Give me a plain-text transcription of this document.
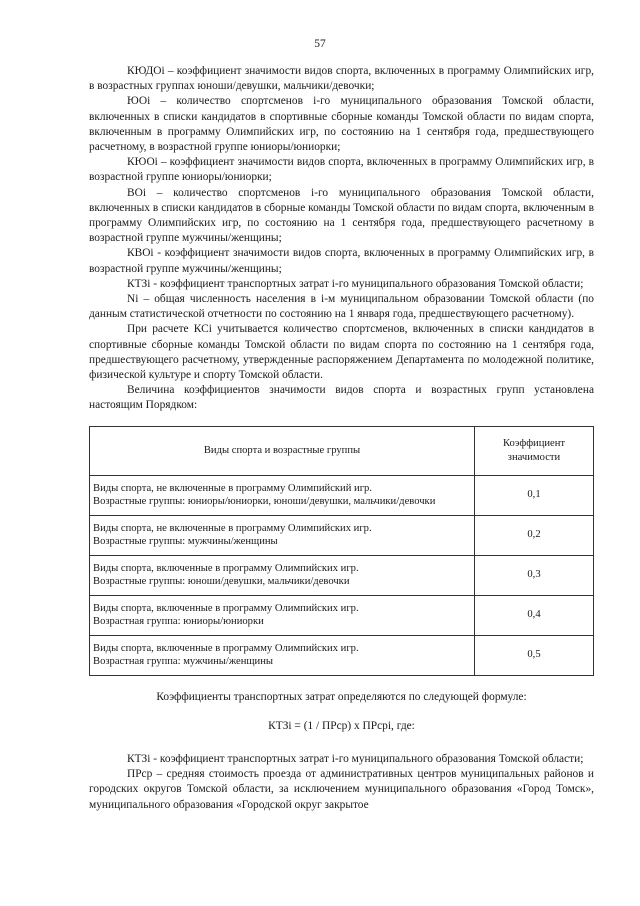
57

КЮДОi – коэффициент значимости видов спорта, включенных в программу Олимпийских игр, в возрастных группах юноши/девушки, мальчики/девочки;

ЮОi – количество спортсменов i-го муниципального образования Томской области, включенных в списки кандидатов в спортивные сборные команды Томской области по видам спорта, включенным в программу Олимпийских игр, по состоянию на 1 сентября года, предшествующего расчетному, в возрастной группе юниоры/юниорки;

КЮОi – коэффициент значимости видов спорта, включенных в программу Олимпийских игр, в возрастной группе юниоры/юниорки;

ВОi – количество спортсменов i-го муниципального образования Томской области, включенных в списки кандидатов в сборные команды Томской области по видам спорта, включенным в программу Олимпийских игр, по состоянию на 1 сентября года, предшествующего расчетному в возрастной группе мужчины/женщины;

КВОi - коэффициент значимости видов спорта, включенных в программу Олимпийских игр, в возрастной группе мужчины/женщины;

КТЗi - коэффициент транспортных затрат i-го муниципального образования Томской области;

Ni – общая численность населения в i-м муниципальном образовании Томской области (по данным статистической отчетности по состоянию на 1 января года, предшествующего расчетному).

При расчете КСi учитывается количество спортсменов, включенных в списки кандидатов в спортивные сборные команды Томской области по видам спорта по состоянию на 1 сентября года, предшествующего расчетному, утвержденные распоряжением Департамента по молодежной политике, физической культуре и спорту Томской области.

Величина коэффициентов значимости видов спорта и возрастных групп установлена настоящим Порядком:

Виды спорта и возрастные группы	Коэффициент
значимости

Виды спорта, не включенные в программу Олимпийский игр.
Возрастные группы: юниоры/юниорки, юноши/девушки, мальчики/девочки	0,1

Виды спорта, не включенные в программу Олимпийских игр.
Возрастные группы: мужчины/женщины	0,2

Виды спорта, включенные в программу Олимпийских игр.
Возрастные группы: юноши/девушки, мальчики/девочки	0,3

Виды спорта, включенные в программу Олимпийских игр.
Возрастная группа: юниоры/юниорки	0,4

Виды спорта, включенные в программу Олимпийских игр.
Возрастная группа: мужчины/женщины	0,5

Коэффициенты транспортных затрат определяются по следующей формуле:

КТЗi = (1 / ПРср) х ПРсрi, где:

КТЗi - коэффициент транспортных затрат i-го муниципального образования Томской области;

ПРср – средняя стоимость проезда от административных центров муниципальных районов и городских округов Томской области, за исключением муниципального образования «Город Томск», муниципального образования «Городской округ закрытое
